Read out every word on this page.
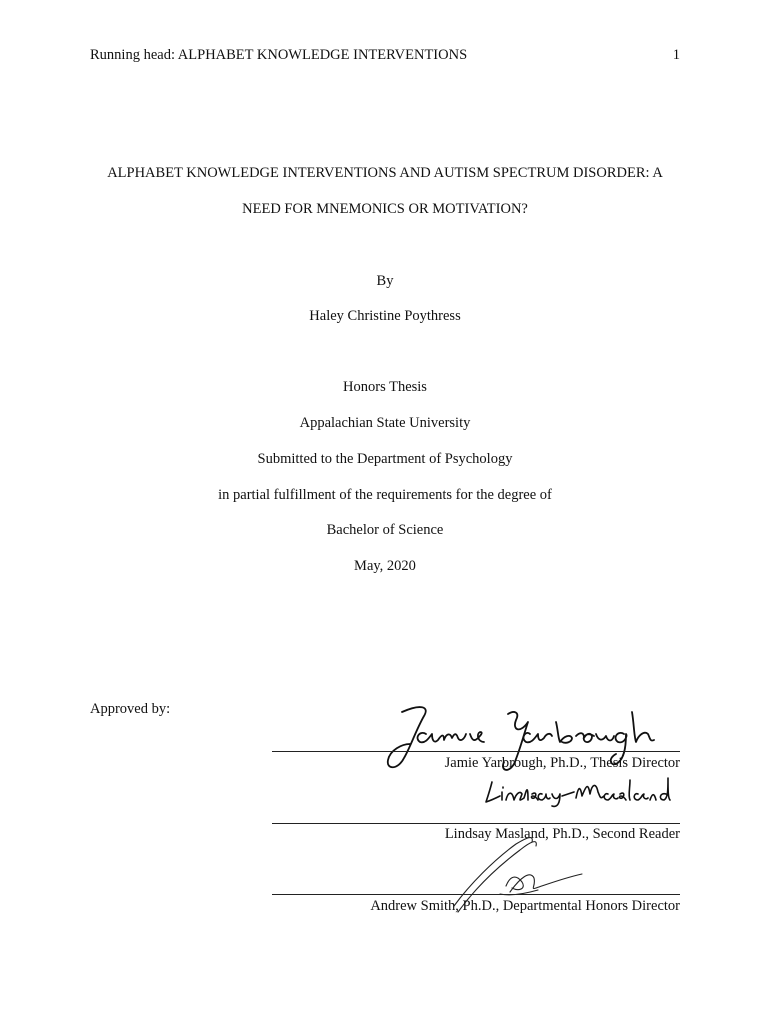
Running head: ALPHABET KNOWLEDGE INTERVENTIONS	1
ALPHABET KNOWLEDGE INTERVENTIONS AND AUTISM SPECTRUM DISORDER: A
NEED FOR MNEMONICS OR MOTIVATION?
By
Haley Christine Poythress
Honors Thesis
Appalachian State University
Submitted to the Department of Psychology
in partial fulfillment of the requirements for the degree of
Bachelor of Science
May, 2020
Approved by:
Jamie Yarbrough, Ph.D., Thesis Director
Lindsay Masland, Ph.D., Second Reader
Andrew Smith, Ph.D., Departmental Honors Director
